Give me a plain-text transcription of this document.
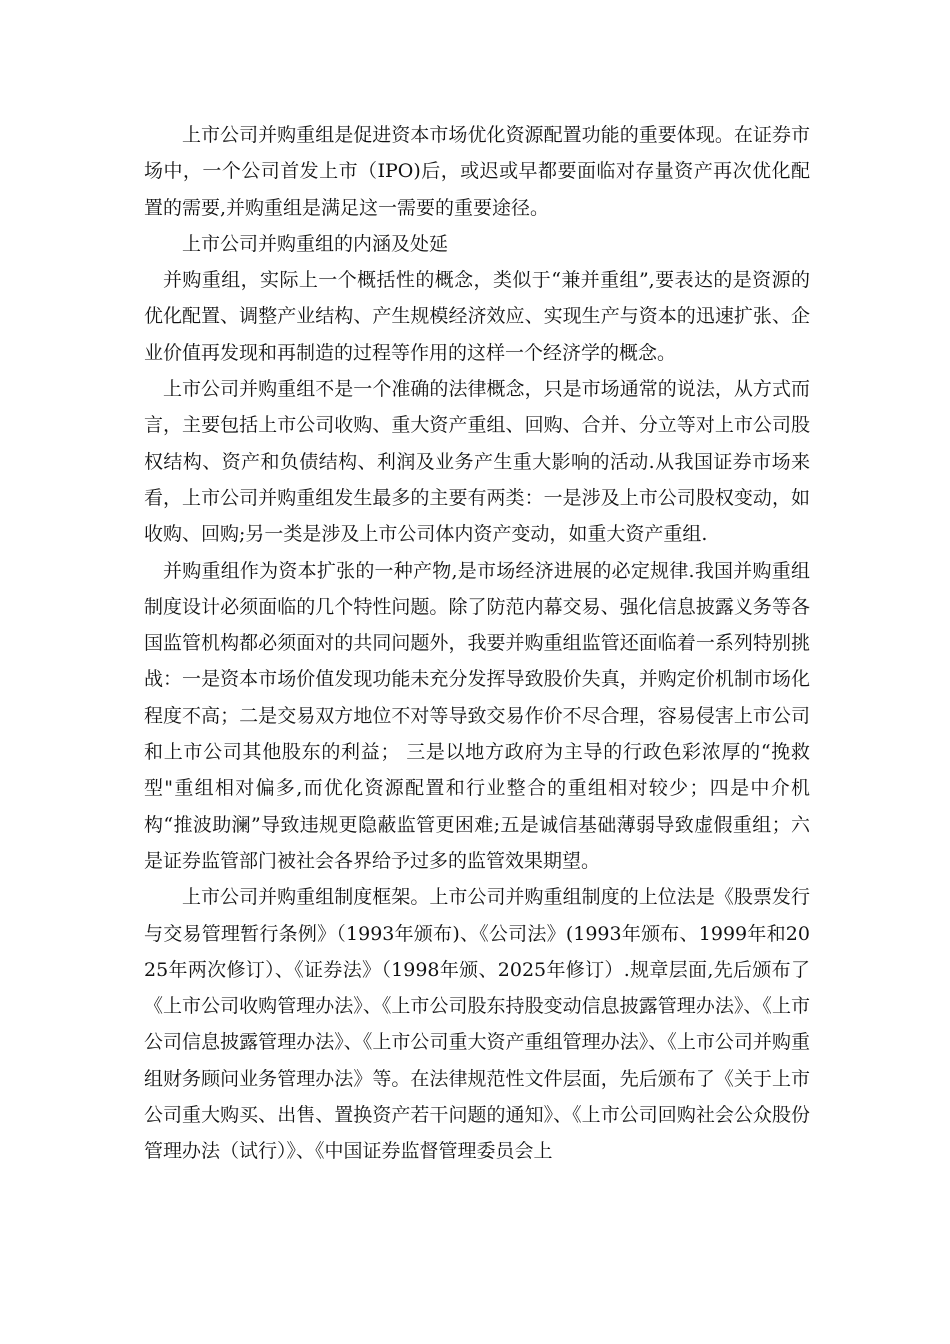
上市公司并购重组是促进资本市场优化资源配置功能的重要体现。在证券市场中，一个公司首发上市（IPO)后，或迟或早都要面临对存量资产再次优化配置的需要,并购重组是满足这一需要的重要途径。

上市公司并购重组的内涵及处延

并购重组，实际上一个概括性的概念，类似于“兼并重组”,要表达的是资源的优化配置、调整产业结构、产生规模经济效应、实现生产与资本的迅速扩张、企业价值再发现和再制造的过程等作用的这样一个经济学的概念。

上市公司并购重组不是一个准确的法律概念，只是市场通常的说法，从方式而言，主要包括上市公司收购、重大资产重组、回购、合并、分立等对上市公司股权结构、资产和负债结构、利润及业务产生重大影响的活动.从我国证券市场来看，上市公司并购重组发生最多的主要有两类：一是涉及上市公司股权变动，如收购、回购;另一类是涉及上市公司体内资产变动，如重大资产重组.

并购重组作为资本扩张的一种产物,是市场经济进展的必定规律.我国并购重组制度设计必须面临的几个特性问题。除了防范内幕交易、强化信息披露义务等各国监管机构都必须面对的共同问题外，我要并购重组监管还面临着一系列特别挑战：一是资本市场价值发现功能未充分发挥导致股价失真，并购定价机制市场化程度不高；二是交易双方地位不对等导致交易作价不尽合理，容易侵害上市公司和上市公司其他股东的利益； 三是以地方政府为主导的行政色彩浓厚的“挽救型"重组相对偏多,而优化资源配置和行业整合的重组相对较少；四是中介机构“推波助澜”导致违规更隐蔽监管更困难;五是诚信基础薄弱导致虚假重组；六是证券监管部门被社会各界给予过多的监管效果期望。

上市公司并购重组制度框架。上市公司并购重组制度的上位法是《股票发行与交易管理暂行条例》（1993年颁布)、《公司法》(1993年颁布、1999年和2025年两次修订）、《证券法》（1998年颁、2025年修订）.规章层面,先后颁布了《上市公司收购管理办法》、《上市公司股东持股变动信息披露管理办法》、《上市公司信息披露管理办法》、《上市公司重大资产重组管理办法》、《上市公司并购重组财务顾问业务管理办法》等。在法律规范性文件层面，先后颁布了《关于上市公司重大购买、出售、置换资产若干问题的通知》、《上市公司回购社会公众股份管理办法（试行）》、《中国证券监督管理委员会上
